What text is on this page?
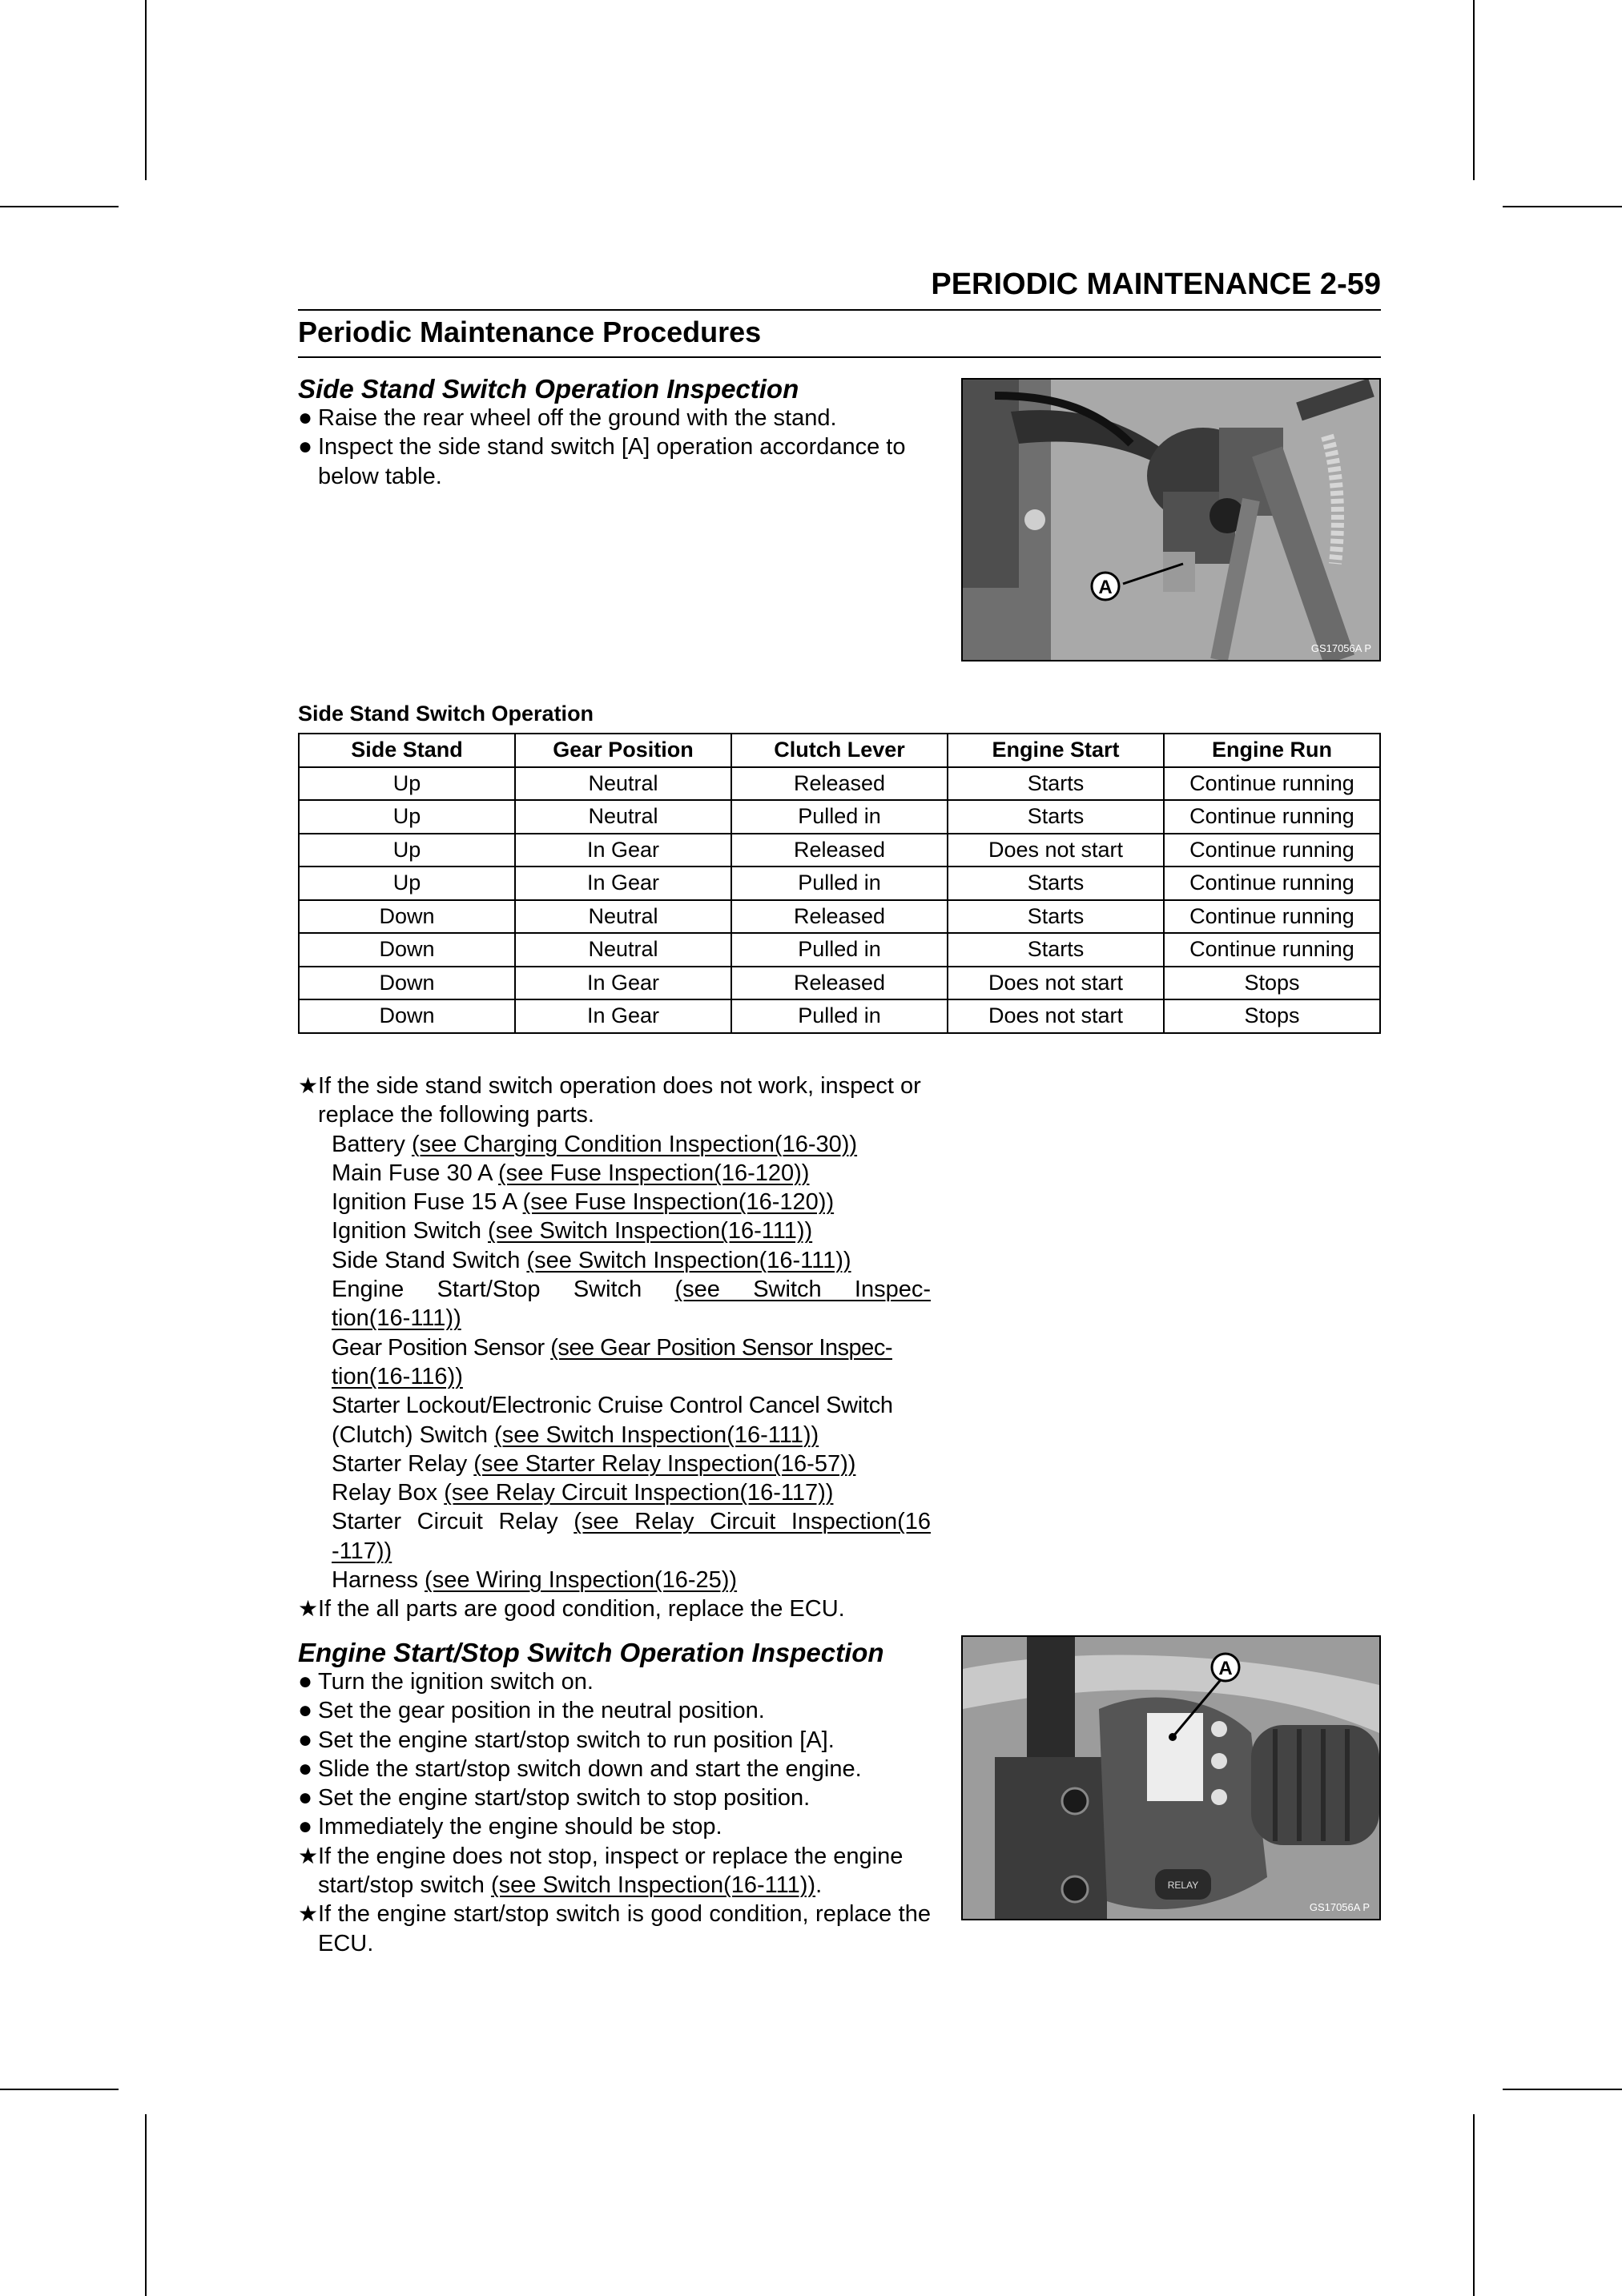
PERIODIC MAINTENANCE 2-59
Periodic Maintenance Procedures
Side Stand Switch Operation Inspection
● Raise the rear wheel off the ground with the stand.
● Inspect the side stand switch [A] operation accordance to below table.
A
GS17056A P
Side Stand Switch Operation
Side Stand	Gear Position	Clutch Lever	Engine Start	Engine Run
Up	Neutral	Released	Starts	Continue running
Up	Neutral	Pulled in	Starts	Continue running
Up	In Gear	Released	Does not start	Continue running
Up	In Gear	Pulled in	Starts	Continue running
Down	Neutral	Released	Starts	Continue running
Down	Neutral	Pulled in	Starts	Continue running
Down	In Gear	Released	Does not start	Stops
Down	In Gear	Pulled in	Does not start	Stops
★ If the side stand switch operation does not work, inspect or replace the following parts.
Battery (see Charging Condition Inspection(16-30))
Main Fuse 30 A (see Fuse Inspection(16-120))
Ignition Fuse 15 A (see Fuse Inspection(16-120))
Ignition Switch (see Switch Inspection(16-111))
Side Stand Switch (see Switch Inspection(16-111))
Engine Start/Stop Switch (see Switch Inspec-
tion(16-111))
Gear Position Sensor (see Gear Position Sensor Inspec-
tion(16-116))
Starter Lockout/Electronic Cruise Control Cancel Switch
(Clutch) Switch (see Switch Inspection(16-111))
Starter Relay (see Starter Relay Inspection(16-57))
Relay Box (see Relay Circuit Inspection(16-117))
Starter Circuit Relay (see Relay Circuit Inspection(16
-117))
Harness (see Wiring Inspection(16-25))
★ If the all parts are good condition, replace the ECU.
Engine Start/Stop Switch Operation Inspection
● Turn the ignition switch on.
● Set the gear position in the neutral position.
● Set the engine start/stop switch to run position [A].
● Slide the start/stop switch down and start the engine.
● Set the engine start/stop switch to stop position.
● Immediately the engine should be stop.
★ If the engine does not stop, inspect or replace the engine start/stop switch (see Switch Inspection(16-111)).
★ If the engine start/stop switch is good condition, replace the ECU.
RELAY
A
GS17056A P
